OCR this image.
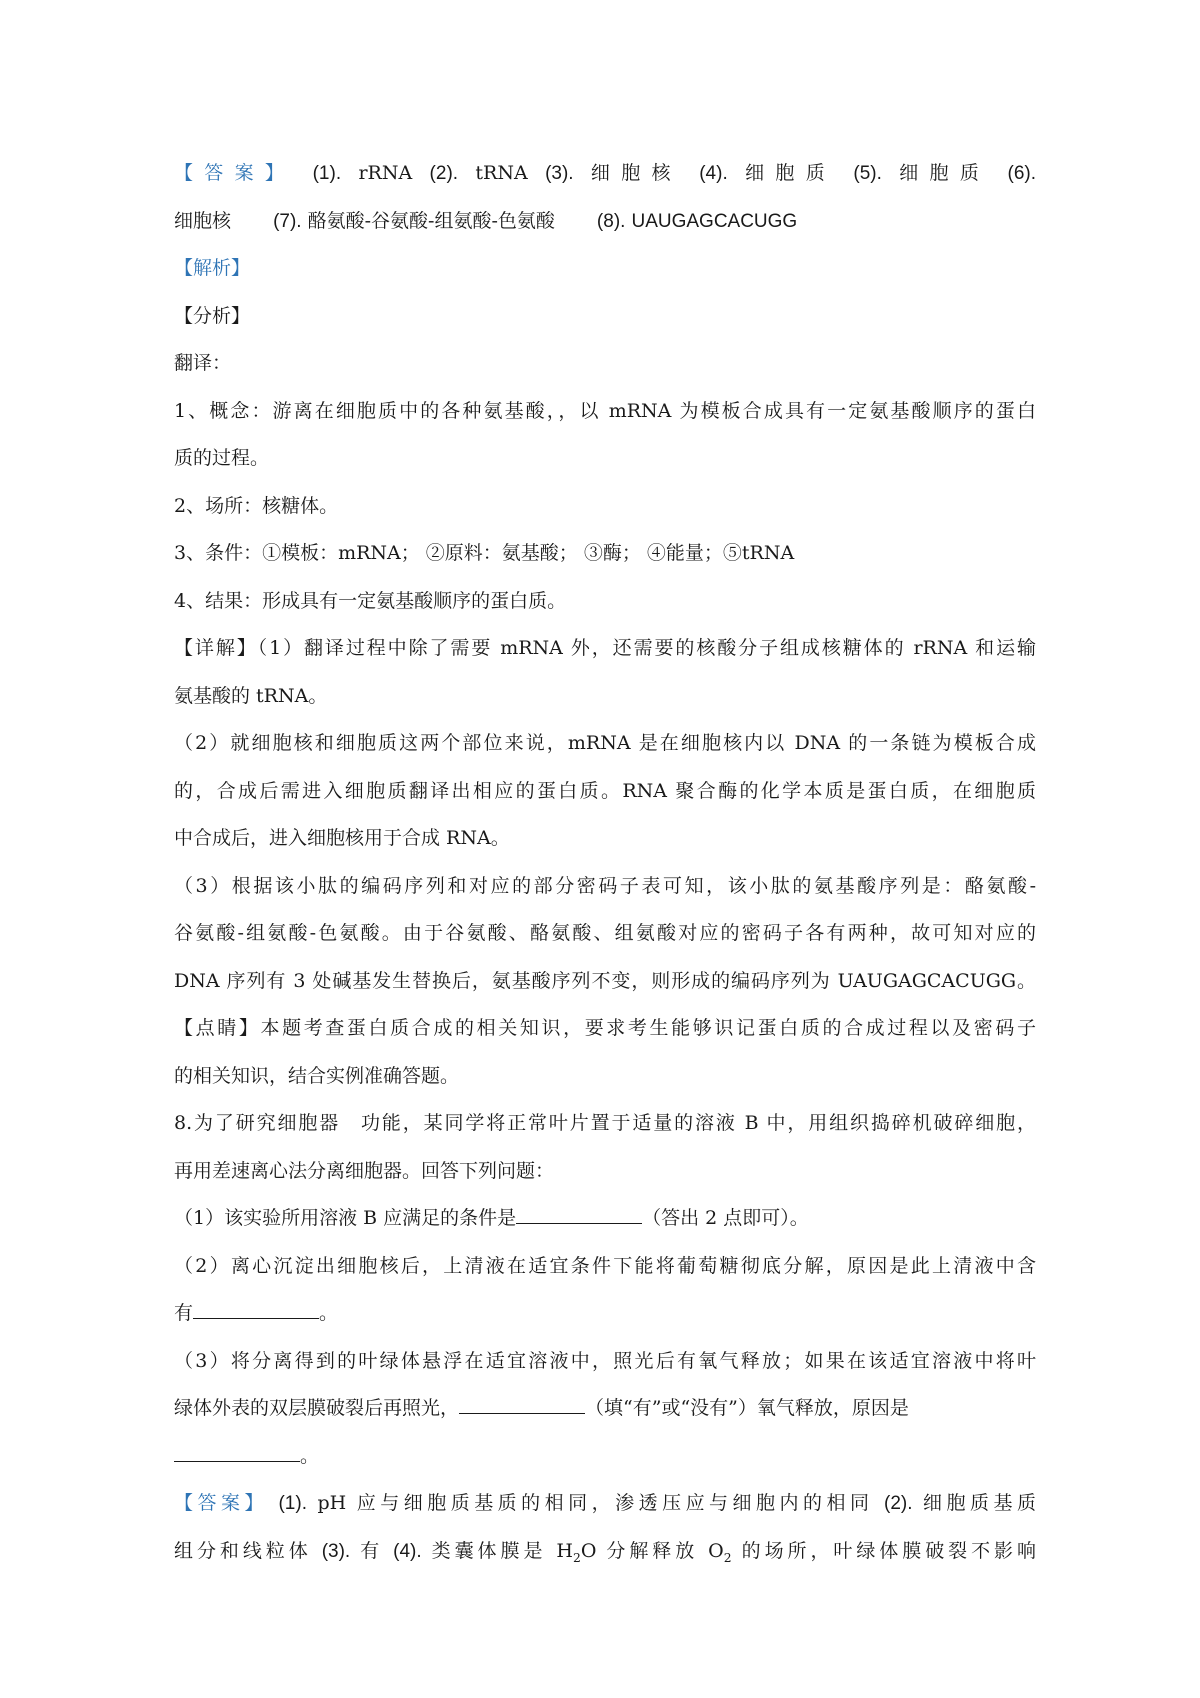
【答案】 (1). rRNA (2). tRNA (3). 细胞核 (4). 细胞质 (5). 细胞质 (6).
细胞核 (7). 酪氨酸-谷氨酸-组氨酸-色氨酸 (8). UAUGAGCACUGG
【解析】
【分析】
翻译：
1、概念：游离在细胞质中的各种氨基酸，，以 mRNA 为模板合成具有一定氨基酸顺序的蛋白
质的过程。
2、场所：核糖体。
3、条件：①模板：mRNA； ②原料：氨基酸； ③酶； ④能量；⑤tRNA
4、结果：形成具有一定氨基酸顺序的蛋白质。
【详解】（1）翻译过程中除了需要 mRNA 外，还需要的核酸分子组成核糖体的 rRNA 和运输
氨基酸的 tRNA。
（2）就细胞核和细胞质这两个部位来说，mRNA 是在细胞核内以 DNA 的一条链为模板合成
的，合成后需进入细胞质翻译出相应的蛋白质。RNA 聚合酶的化学本质是蛋白质，在细胞质
中合成后，进入细胞核用于合成 RNA。
（3）根据该小肽的编码序列和对应的部分密码子表可知，该小肽的氨基酸序列是：酪氨酸-
谷氨酸-组氨酸-色氨酸。由于谷氨酸、酪氨酸、组氨酸对应的密码子各有两种，故可知对应的
DNA 序列有 3 处碱基发生替换后，氨基酸序列不变，则形成的编码序列为 UAUGAGCACUGG。
【点睛】本题考查蛋白质合成的相关知识，要求考生能够识记蛋白质的合成过程以及密码子
的相关知识，结合实例准确答题。
8.为了研究细胞器　功能，某同学将正常叶片置于适量的溶液 B 中，用组织捣碎机破碎细胞，
再用差速离心法分离细胞器。回答下列问题：
（1）该实验所用溶液 B 应满足的条件是	（答出 2 点即可）。
（2）离心沉淀出细胞核后，上清液在适宜条件下能将葡萄糖彻底分解，原因是此上清液中含
有	。
（3）将分离得到的叶绿体悬浮在适宜溶液中，照光后有氧气释放；如果在该适宜溶液中将叶
绿体外表的双层膜破裂后再照光，	（填“有”或“没有”）氧气释放，原因是
。
【答案】 (1). pH 应与细胞质基质的相同，渗透压应与细胞内的相同 (2). 细胞质基质
组分和线粒体 (3). 有 (4). 类囊体膜是 $H_2O$ 分解释放 $O_2$ 的场所，叶绿体膜破裂不影响
